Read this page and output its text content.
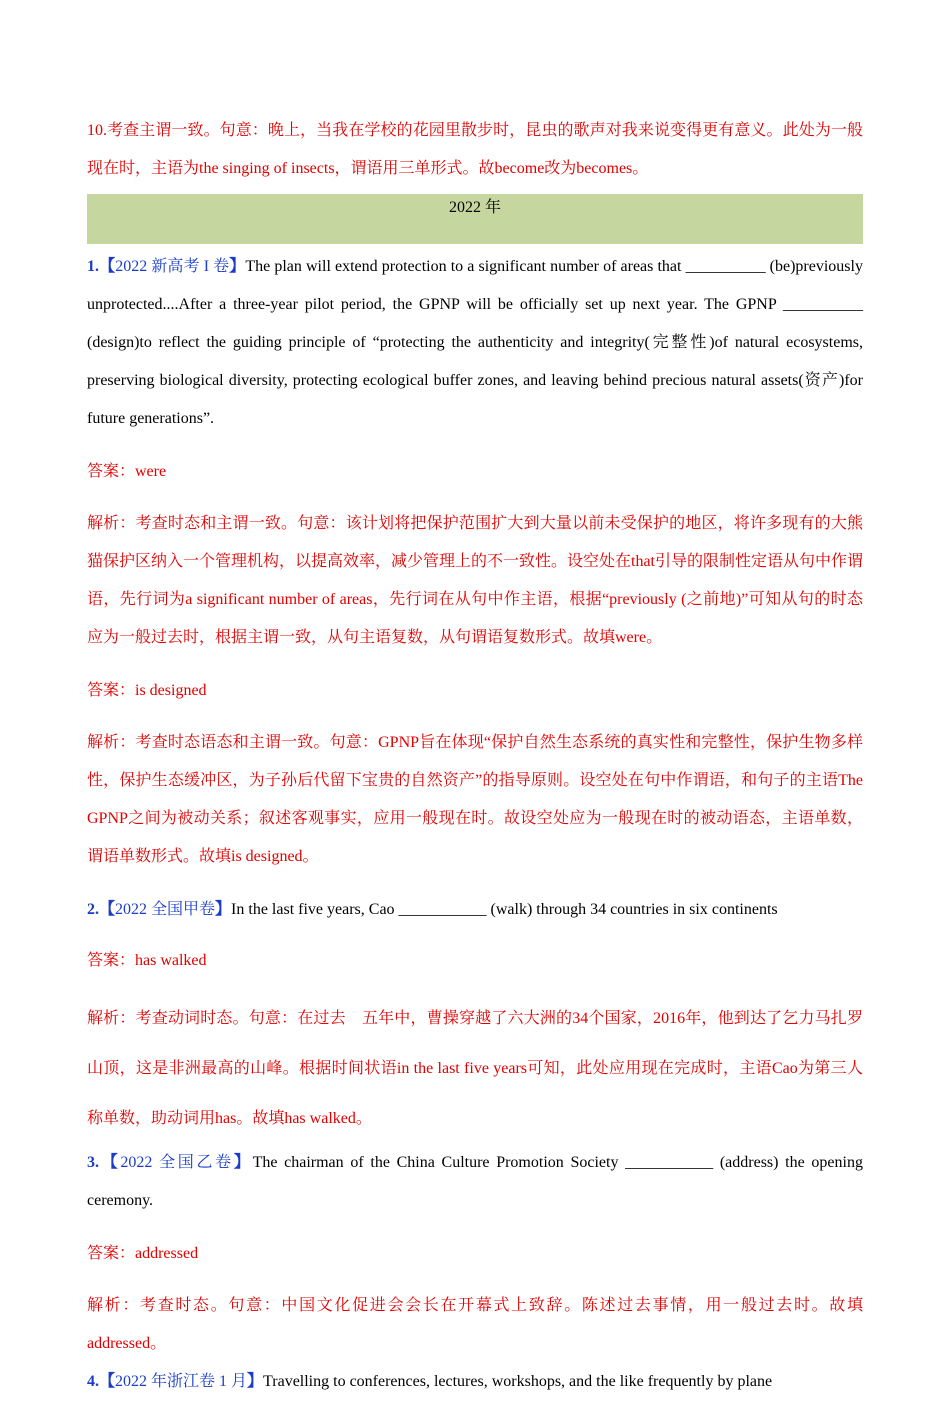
10.考查主谓一致。句意：晚上，当我在学校的花园里散步时，昆虫的歌声对我来说变得更有意义。此处为一般现在时，主语为the singing of insects，谓语用三单形式。故become改为becomes。

2022 年

1.【2022 新高考 I 卷】The plan will extend protection to a significant number of areas that __________ (be)previously unprotected....After a three-year pilot period, the GPNP will be officially set up next year. The GPNP __________ (design)to reflect the guiding principle of “protecting the authenticity and integrity(完整性)of natural ecosystems, preserving biological diversity, protecting ecological buffer zones, and leaving behind precious natural assets(资产)for future generations”.

答案：were

解析：考查时态和主谓一致。句意：该计划将把保护范围扩大到大量以前未受保护的地区，将许多现有的大熊猫保护区纳入一个管理机构，以提高效率，减少管理上的不一致性。设空处在that引导的限制性定语从句中作谓语，先行词为a significant number of areas，先行词在从句中作主语，根据“previously (之前地)”可知从句的时态应为一般过去时，根据主谓一致，从句主语复数，从句谓语复数形式。故填were。

答案：is designed

解析：考查时态语态和主谓一致。句意：GPNP旨在体现“保护自然生态系统的真实性和完整性，保护生物多样性，保护生态缓冲区，为子孙后代留下宝贵的自然资产”的指导原则。设空处在句中作谓语，和句子的主语The GPNP之间为被动关系；叙述客观事实，应用一般现在时。故设空处应为一般现在时的被动语态，主语单数，谓语单数形式。故填is designed。

2.【2022 全国甲卷】In the last five years, Cao ___________ (walk) through 34 countries in six continents

答案：has walked

解析：考查动词时态。句意：在过去　五年中，曹操穿越了六大洲的34个国家，2016年，他到达了乞力马扎罗山顶，这是非洲最高的山峰。根据时间状语in the last five years可知，此处应用现在完成时，主语Cao为第三人称单数，助动词用has。故填has walked。

3.【2022 全国乙卷】The chairman of the China Culture Promotion Society ___________ (address) the opening ceremony.

答案：addressed

解析：考查时态。句意：中国文化促进会会长在开幕式上致辞。陈述过去事情，用一般过去时。故填addressed。

4.【2022 年浙江卷 1 月】Travelling to conferences, lectures, workshops, and the like frequently by plane
